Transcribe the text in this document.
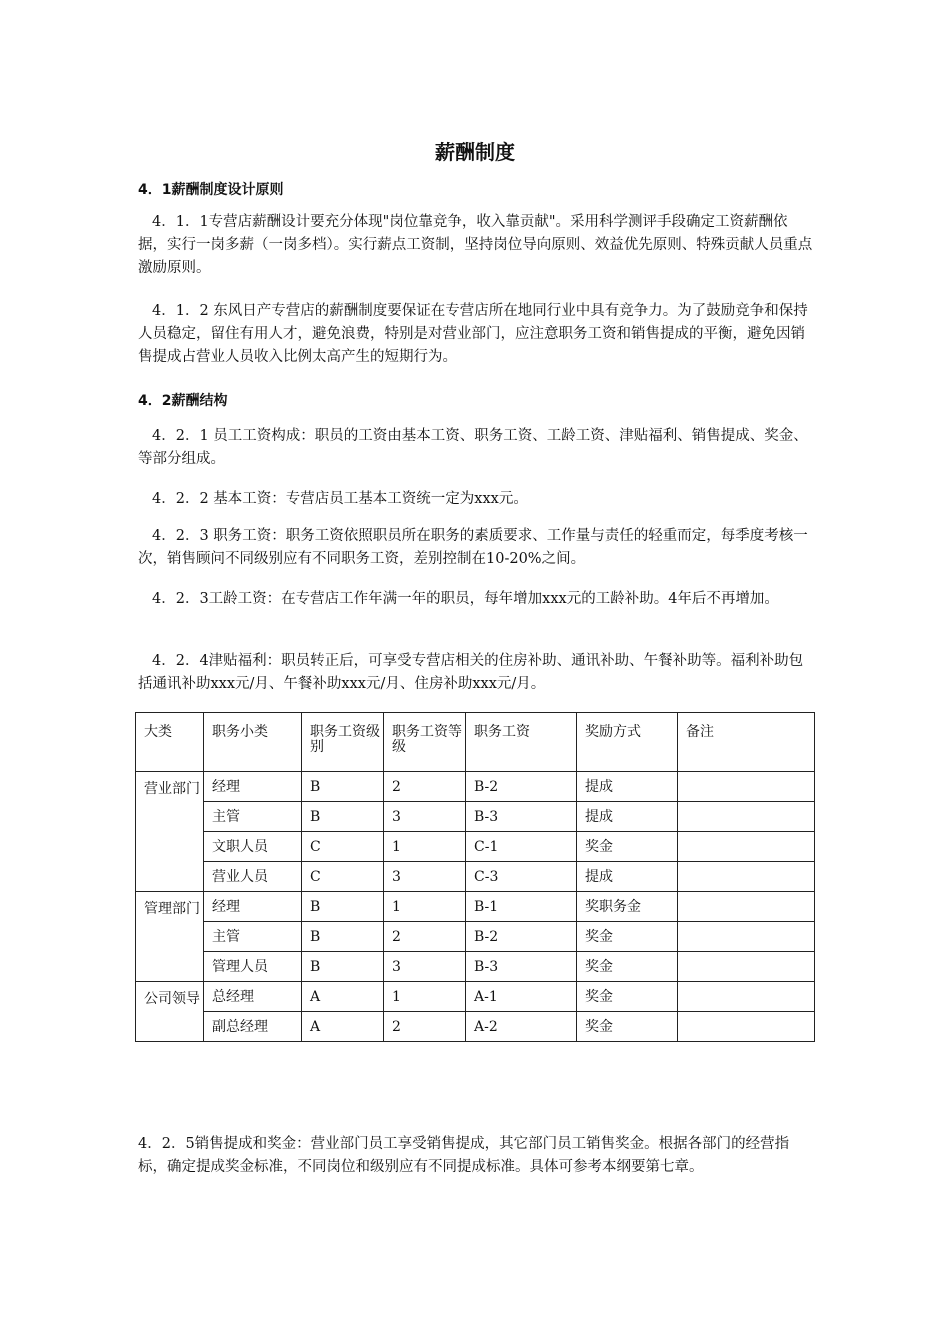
薪酬制度
4．1薪酬制度设计原则
4．1．1专营店薪酬设计要充分体现"岗位靠竞争，收入靠贡献"。采用科学测评手段确定工资薪酬依据，实行一岗多薪（一岗多档）。实行薪点工资制，坚持岗位导向原则、效益优先原则、特殊贡献人员重点激励原则。
4．1．2 东风日产专营店的薪酬制度要保证在专营店所在地同行业中具有竞争力。为了鼓励竞争和保持人员稳定，留住有用人才，避免浪费，特别是对营业部门，应注意职务工资和销售提成的平衡，避免因销售提成占营业人员收入比例太高产生的短期行为。
4．2薪酬结构
4．2．1 员工工资构成：职员的工资由基本工资、职务工资、工龄工资、津贴福利、销售提成、奖金、等部分组成。
4．2．2 基本工资：专营店员工基本工资统一定为xxx元。
4．2．3 职务工资：职务工资依照职员所在职务的素质要求、工作量与责任的轻重而定，每季度考核一次，销售顾问不同级别应有不同职务工资，差别控制在10-20%之间。
4．2．3工龄工资：在专营店工作年满一年的职员，每年增加xxx元的工龄补助。4年后不再增加。
4．2．4津贴福利：职员转正后，可享受专营店相关的住房补助、通讯补助、午餐补助等。福利补助包括通讯补助xxx元/月、午餐补助xxx元/月、住房补助xxx元/月。
大类	职务小类	职务工资级别	职务工资等级	职务工资	奖励方式	备注
营业部门	经理	B	2	B-2	提成	
	主管	B	3	B-3	提成	
	文职人员	C	1	C-1	奖金	
	营业人员	C	3	C-3	提成	
管理部门	经理	B	1	B-1	奖职务金	
	主管	B	2	B-2	奖金	
	管理人员	B	3	B-3	奖金	
公司领导	总经理	A	1	A-1	奖金	
	副总经理	A	2	A-2	奖金	
4．2．5销售提成和奖金：营业部门员工享受销售提成，其它部门员工销售奖金。根据各部门的经营指标，确定提成奖金标准，不同岗位和级别应有不同提成标准。具体可参考本纲要第七章。
